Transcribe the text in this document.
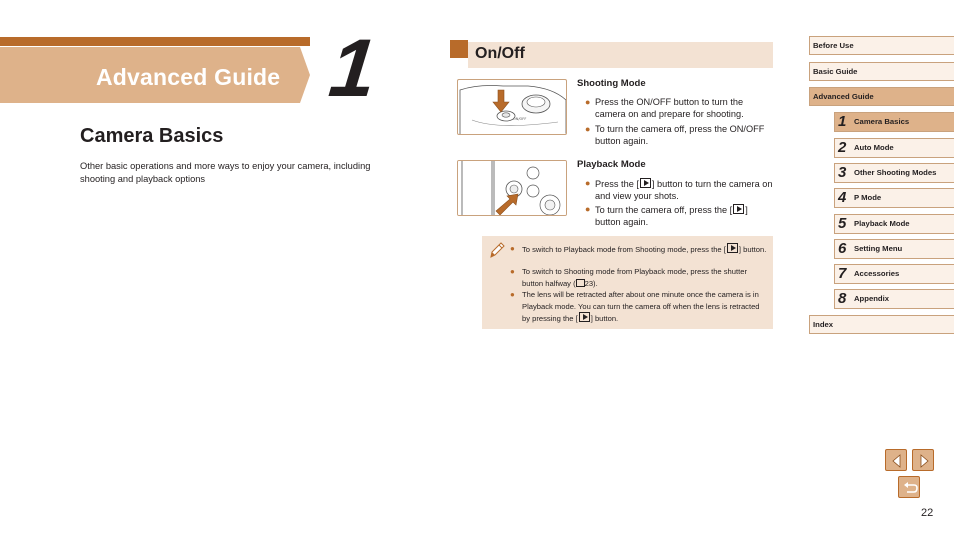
Advanced Guide 1
Camera Basics
Other basic operations and more ways to enjoy your camera, including shooting and playback options
On/Off
ON/OFF
Shooting Mode
● Press the ON/OFF button to turn the camera on and prepare for shooting.
● To turn the camera off, press the ON/OFF button again.
Playback Mode
● Press the [ ] button to turn the camera on and view your shots.
● To turn the camera off, press the [ ] button again.
● To switch to Playback mode from Shooting mode, press the [ ] button.
● To switch to Shooting mode from Playback mode, press the shutter button halfway ( 23).
● The lens will be retracted after about one minute once the camera is in Playback mode. You can turn the camera off when the lens is retracted by pressing the [ ] button.
Before Use
Basic Guide
Advanced Guide
1 Camera Basics
2 Auto Mode
3 Other Shooting Modes
4 P Mode
5 Playback Mode
6 Setting Menu
7 Accessories
8 Appendix
Index
22
